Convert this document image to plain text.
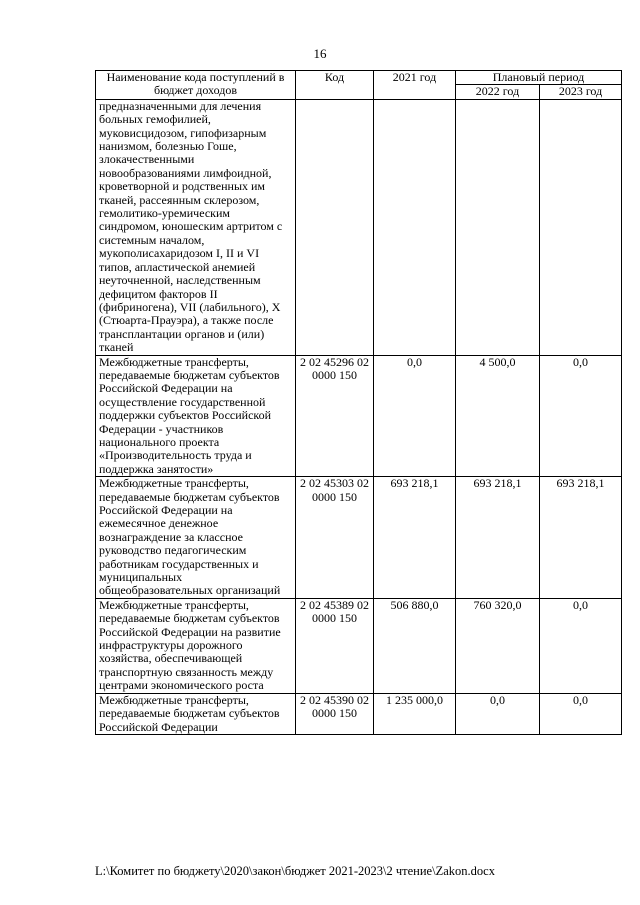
16
Наименование кода поступлений в бюджет доходов	Код	2021 год	Плановый период	
			2022 год	2023 год
предназначенными для лечения больных гемофилией, муковисцидозом, гипофизарным нанизмом, болезнью Гоше, злокачественными новообразованиями лимфоидной, кроветворной и родственных им тканей, рассеянным склерозом, гемолитико-уремическим синдромом, юношеским артритом с системным началом, мукополисахаридозом I, II и VI типов, апластической анемией неуточненной, наследственным дефицитом факторов II (фибриногена), VII (лабильного), X (Стюарта-Прауэра), а также после трансплантации органов и (или) тканей				
Межбюджетные трансферты, передаваемые бюджетам субъектов Российской Федерации на осуществление государственной поддержки субъектов Российской Федерации - участников национального проекта «Производительность труда и поддержка занятости»	2 02 45296 02 0000 150	0,0	4 500,0	0,0
Межбюджетные трансферты, передаваемые бюджетам субъектов Российской Федерации на ежемесячное денежное вознаграждение за классное руководство педагогическим работникам государственных и муниципальных общеобразовательных организаций	2 02 45303 02 0000 150	693 218,1	693 218,1	693 218,1
Межбюджетные трансферты, передаваемые бюджетам субъектов Российской Федерации на развитие инфраструктуры дорожного хозяйства, обеспечивающей транспортную связанность между центрами экономического роста	2 02 45389 02 0000 150	506 880,0	760 320,0	0,0
Межбюджетные трансферты, передаваемые бюджетам субъектов Российской Федерации	2 02 45390 02 0000 150	1 235 000,0	0,0	0,0
L:\Комитет по бюджету\2020\закон\бюджет 2021-2023\2 чтение\Zakon.docx
